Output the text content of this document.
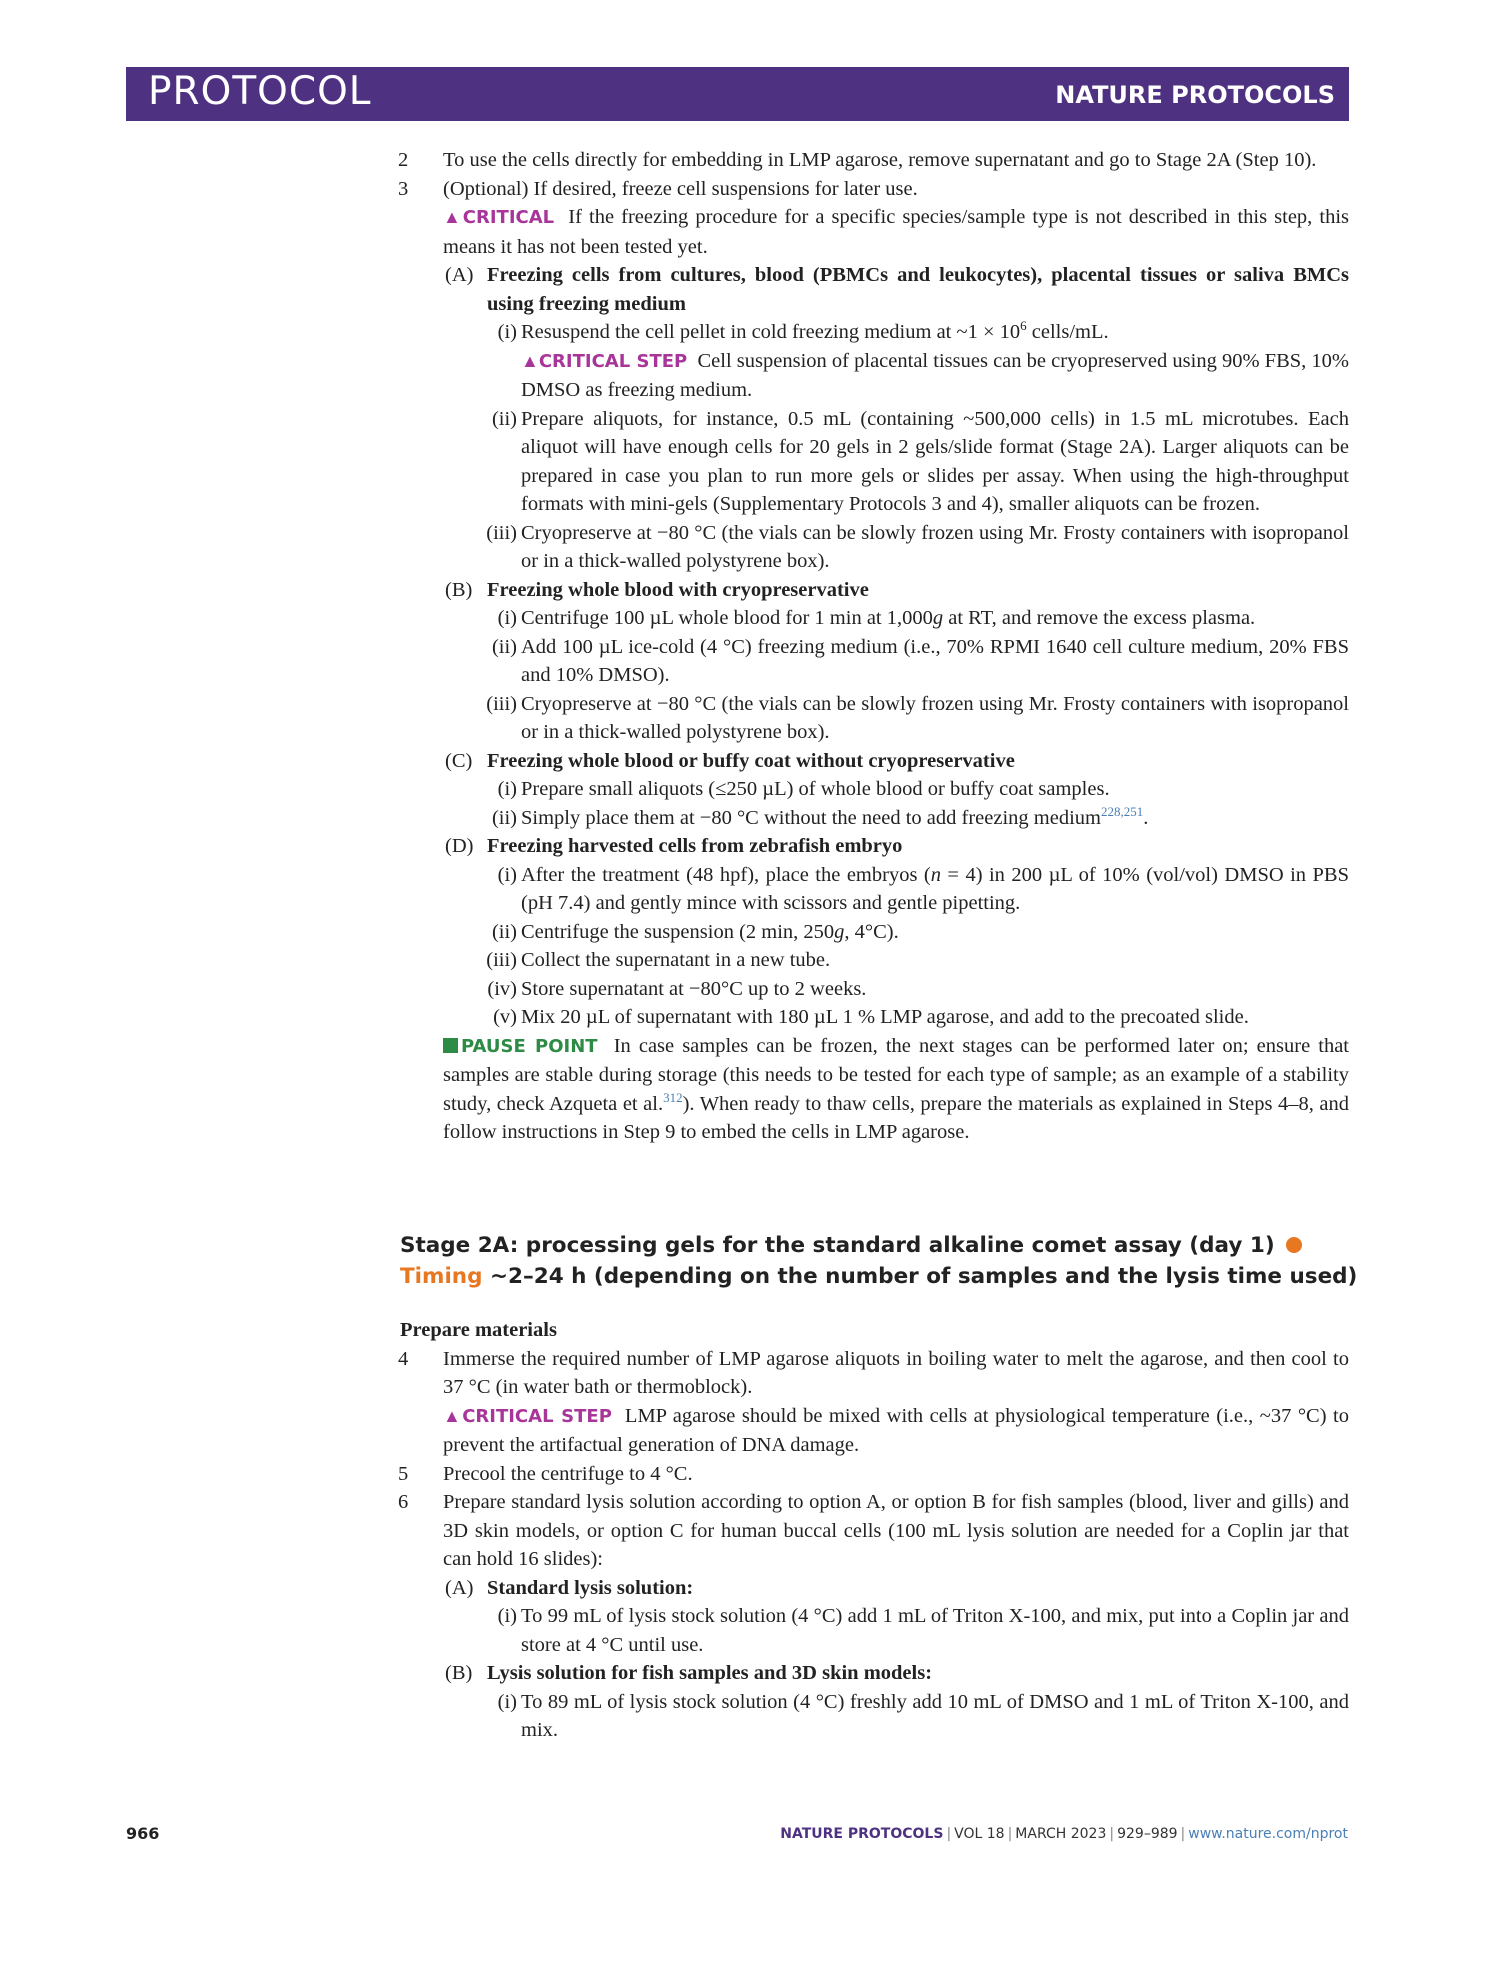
PROTOCOL	NATURE PROTOCOLS
2 To use the cells directly for embedding in LMP agarose, remove supernatant and go to Stage 2A (Step 10).
3 (Optional) If desired, freeze cell suspensions for later use.
▲CRITICAL If the freezing procedure for a specific species/sample type is not described in this step, this means it has not been tested yet.
(A) Freezing cells from cultures, blood (PBMCs and leukocytes), placental tissues or saliva BMCs using freezing medium
(i) Resuspend the cell pellet in cold freezing medium at ~1 × $10^6$ cells/mL.
▲CRITICAL STEP Cell suspension of placental tissues can be cryopreserved using 90% FBS, 10% DMSO as freezing medium.
(ii) Prepare aliquots, for instance, 0.5 mL (containing ~500,000 cells) in 1.5 mL microtubes. Each aliquot will have enough cells for 20 gels in 2 gels/slide format (Stage 2A). Larger aliquots can be prepared in case you plan to run more gels or slides per assay. When using the high-throughput formats with mini-gels (Supplementary Protocols 3 and 4), smaller aliquots can be frozen.
(iii) Cryopreserve at −80 °C (the vials can be slowly frozen using Mr. Frosty containers with isopropanol or in a thick-walled polystyrene box).
(B) Freezing whole blood with cryopreservative
(i) Centrifuge 100 µL whole blood for 1 min at 1,000g at RT, and remove the excess plasma.
(ii) Add 100 µL ice-cold (4 °C) freezing medium (i.e., 70% RPMI 1640 cell culture medium, 20% FBS and 10% DMSO).
(iii) Cryopreserve at −80 °C (the vials can be slowly frozen using Mr. Frosty containers with isopropanol or in a thick-walled polystyrene box).
(C) Freezing whole blood or buffy coat without cryopreservative
(i) Prepare small aliquots (≤250 µL) of whole blood or buffy coat samples.
(ii) Simply place them at −80 °C without the need to add freezing medium$^{228,251}$.
(D) Freezing harvested cells from zebrafish embryo
(i) After the treatment (48 hpf), place the embryos (n = 4) in 200 µL of 10% (vol/vol) DMSO in PBS (pH 7.4) and gently mince with scissors and gentle pipetting.
(ii) Centrifuge the suspension (2 min, 250g, 4°C).
(iii) Collect the supernatant in a new tube.
(iv) Store supernatant at −80°C up to 2 weeks.
(v) Mix 20 µL of supernatant with 180 µL 1 % LMP agarose, and add to the precoated slide.
PAUSE POINT In case samples can be frozen, the next stages can be performed later on; ensure that samples are stable during storage (this needs to be tested for each type of sample; as an example of a stability study, check Azqueta et al.$^{312}$). When ready to thaw cells, prepare the materials as explained in Steps 4–8, and follow instructions in Step 9 to embed the cells in LMP agarose.
Stage 2A: processing gels for the standard alkaline comet assay (day 1) Timing ~2–24 h (depending on the number of samples and the lysis time used)
Prepare materials
4 Immerse the required number of LMP agarose aliquots in boiling water to melt the agarose, and then cool to 37 °C (in water bath or thermoblock).
▲CRITICAL STEP LMP agarose should be mixed with cells at physiological temperature (i.e., ~37 °C) to prevent the artifactual generation of DNA damage.
5 Precool the centrifuge to 4 °C.
6 Prepare standard lysis solution according to option A, or option B for fish samples (blood, liver and gills) and 3D skin models, or option C for human buccal cells (100 mL lysis solution are needed for a Coplin jar that can hold 16 slides):
(A) Standard lysis solution:
(i) To 99 mL of lysis stock solution (4 °C) add 1 mL of Triton X-100, and mix, put into a Coplin jar and store at 4 °C until use.
(B) Lysis solution for fish samples and 3D skin models:
(i) To 89 mL of lysis stock solution (4 °C) freshly add 10 mL of DMSO and 1 mL of Triton X-100, and mix.
966	NATURE PROTOCOLS | VOL 18 | MARCH 2023 | 929–989 | www.nature.com/nprot
